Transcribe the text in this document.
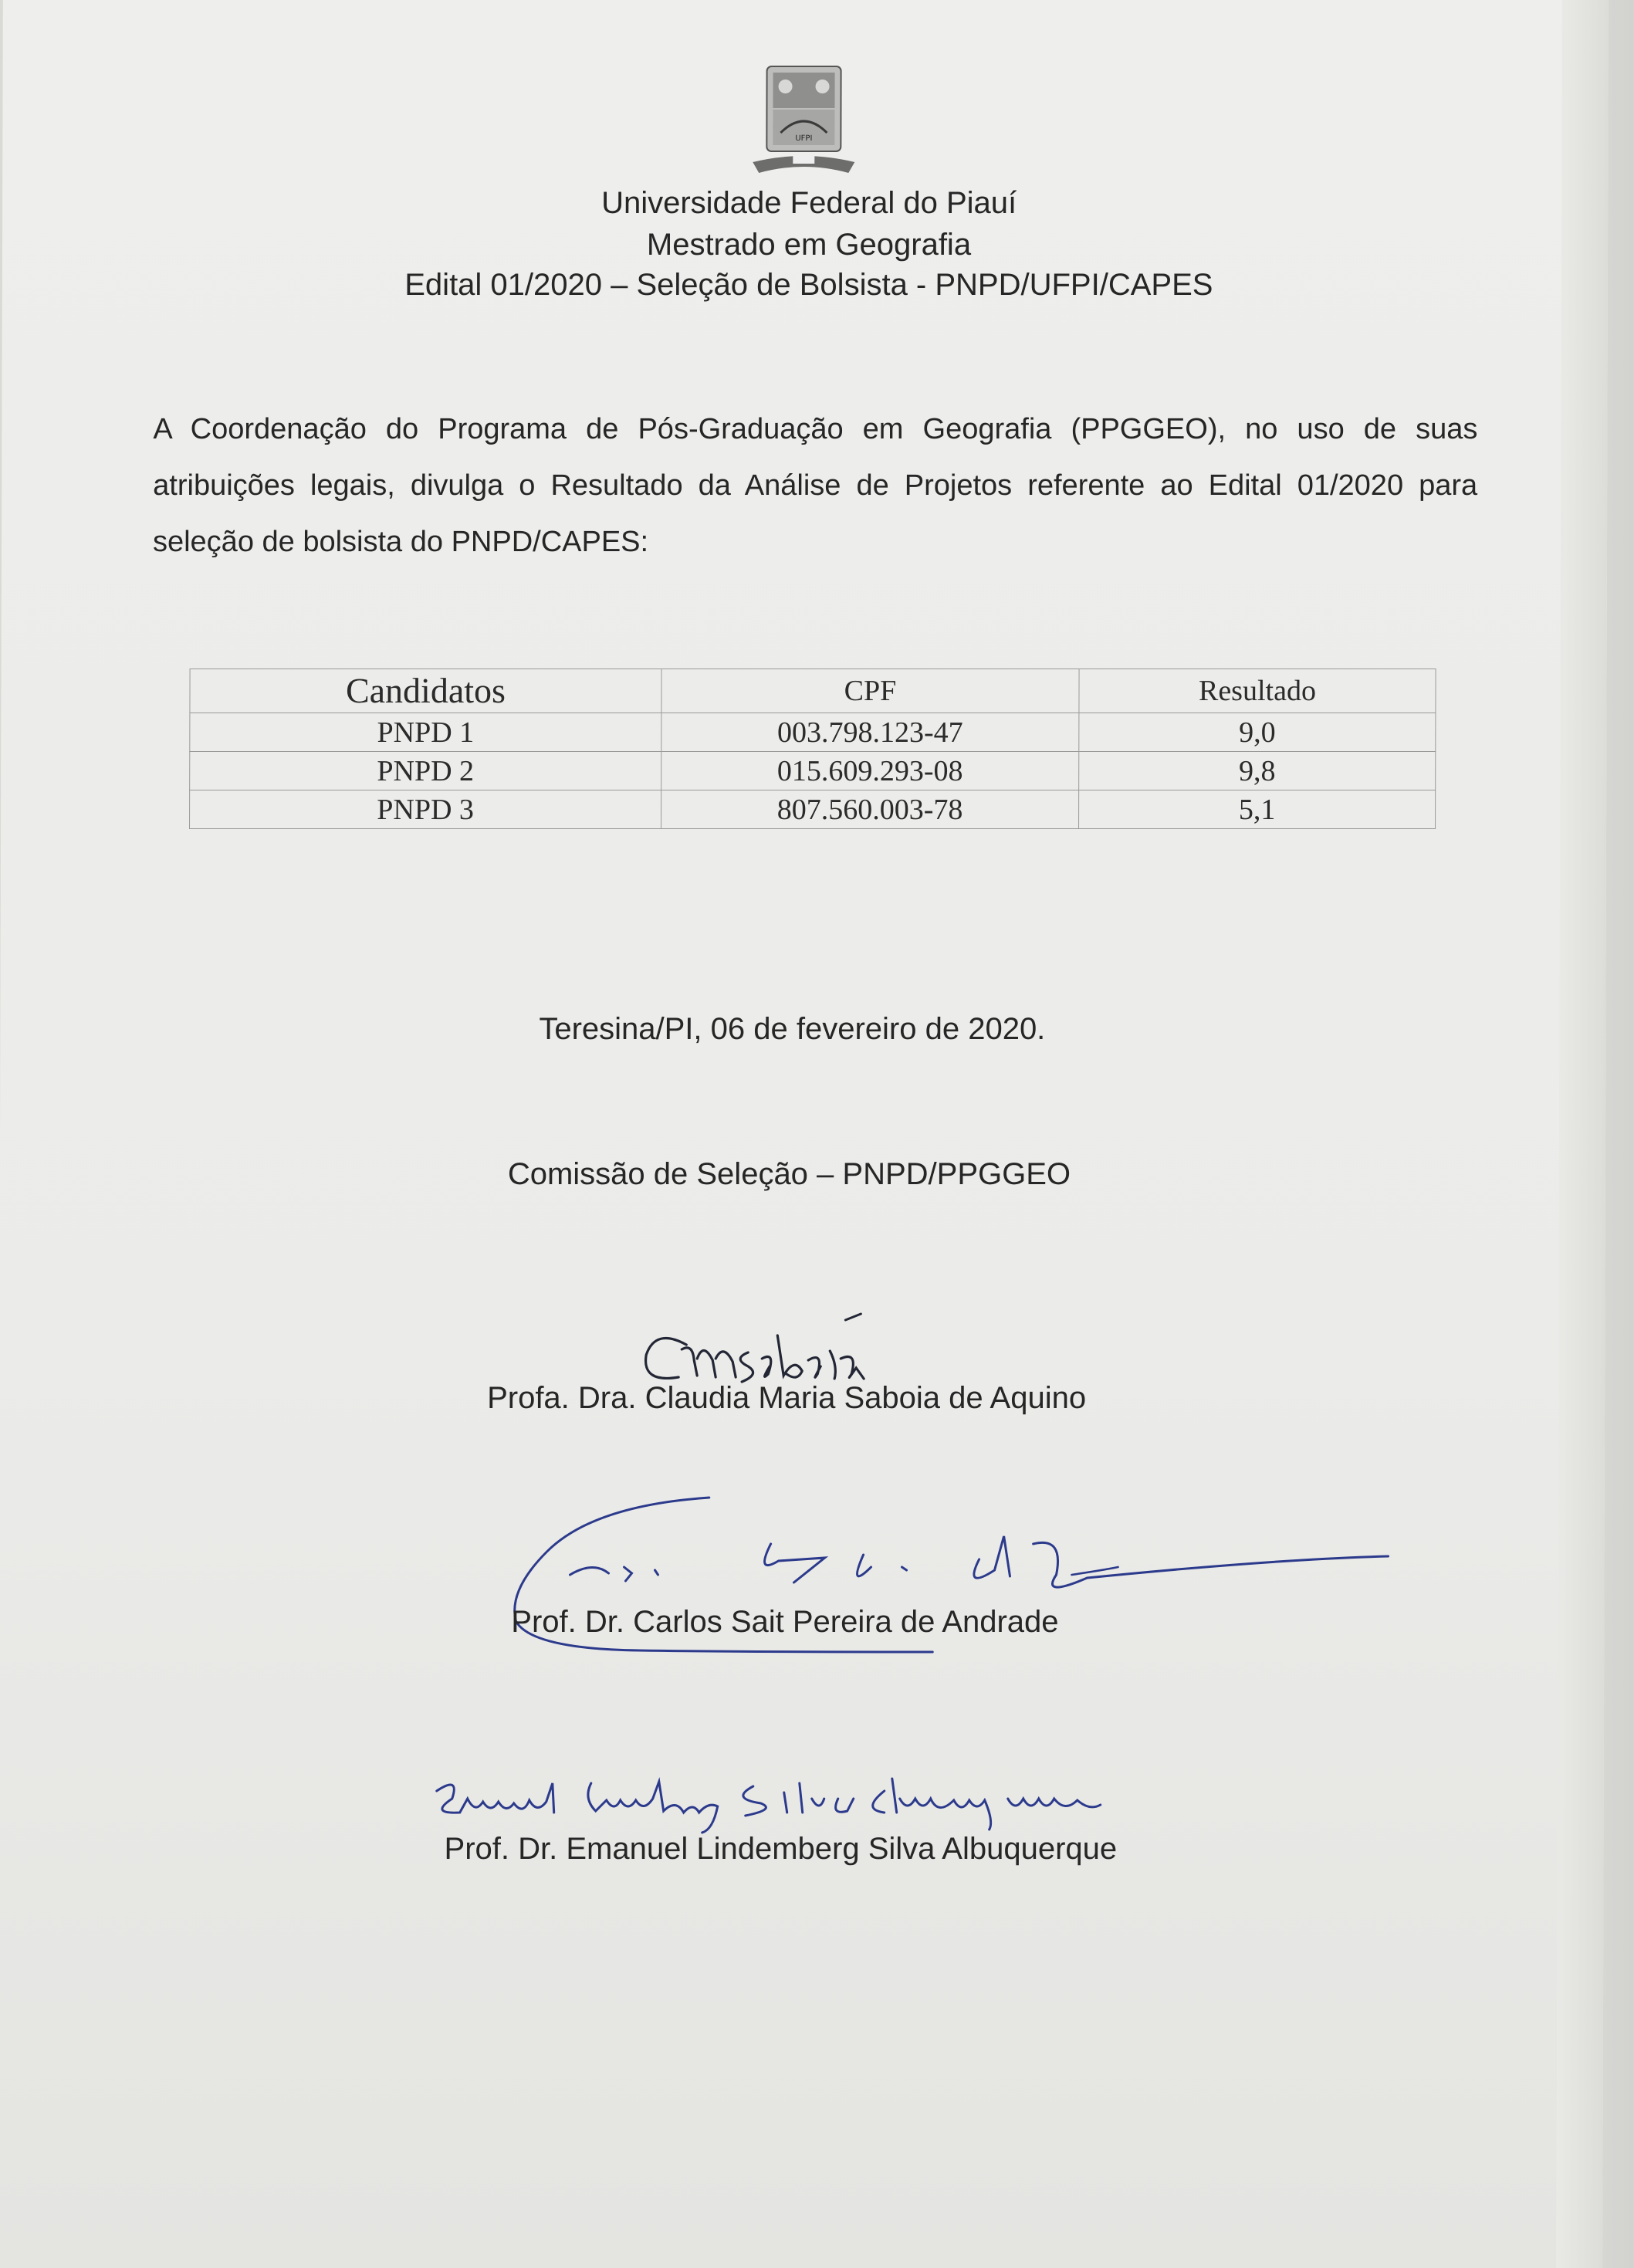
UFPI
Universidade Federal do Piauí
Mestrado em Geografia
Edital 01/2020 – Seleção de Bolsista - PNPD/UFPI/CAPES
A Coordenação do Programa de Pós-Graduação em Geografia (PPGGEO), no uso de suas atribuições legais, divulga o Resultado da Análise de Projetos referente ao Edital 01/2020 para seleção de bolsista do PNPD/CAPES:
Candidatos	CPF	Resultado
PNPD 1	003.798.123-47	9,0
PNPD 2	015.609.293-08	9,8
PNPD 3	807.560.003-78	5,1
Teresina/PI, 06 de fevereiro de 2020.
Comissão de Seleção – PNPD/PPGGEO
Profa. Dra. Claudia Maria Saboia de Aquino
Prof. Dr. Carlos Sait Pereira de Andrade
Prof. Dr. Emanuel Lindemberg Silva Albuquerque
